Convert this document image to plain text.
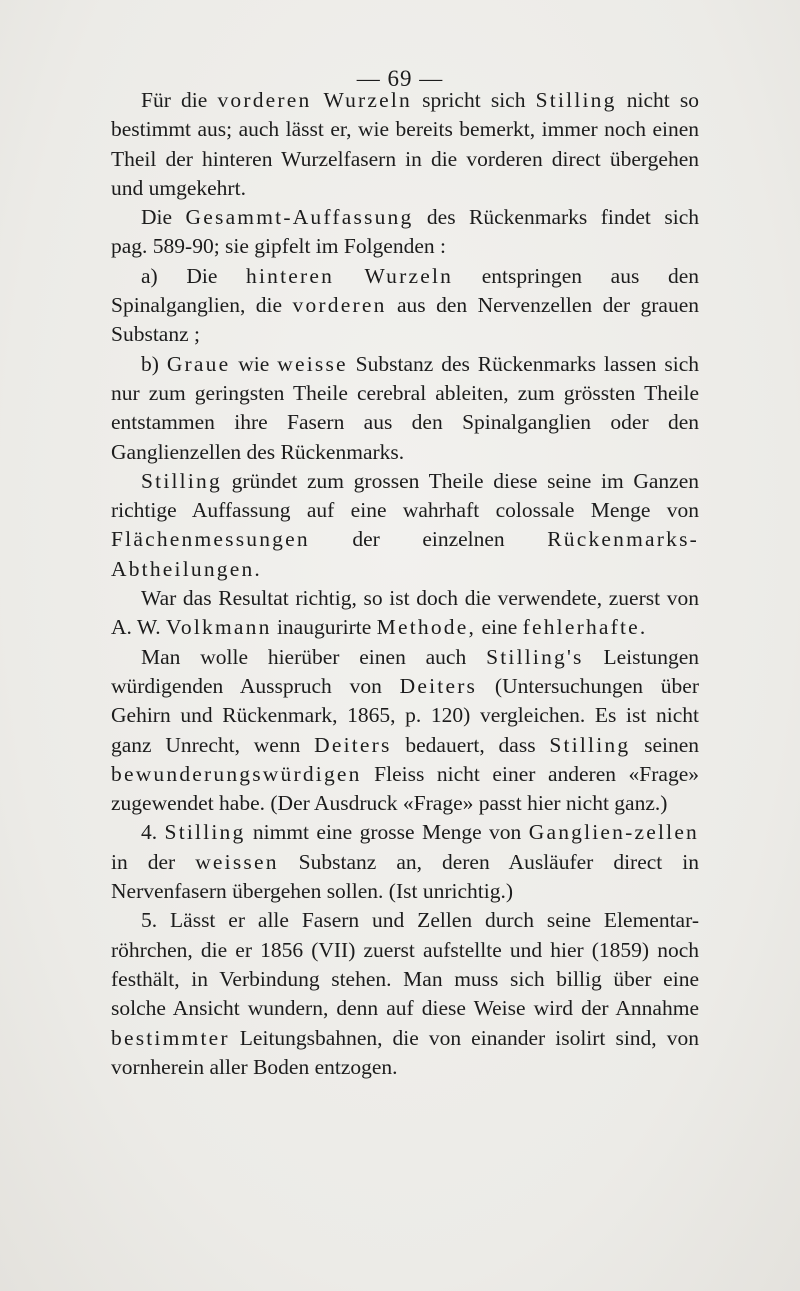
— 69 —

Für die vorderen Wurzeln spricht sich Stilling nicht so bestimmt aus; auch lässt er, wie bereits bemerkt, immer noch einen Theil der hinteren Wurzelfasern in die vorderen direct übergehen und umgekehrt.

Die Gesammt-Auffassung des Rückenmarks findet sich pag. 589-90; sie gipfelt im Folgenden :

a) Die hinteren Wurzeln entspringen aus den Spinalganglien, die vorderen aus den Nervenzellen der grauen Substanz ;

b) Graue wie weisse Substanz des Rückenmarks lassen sich nur zum geringsten Theile cerebral ableiten, zum grössten Theile entstammen ihre Fasern aus den Spinalganglien oder den Ganglienzellen des Rückenmarks.

Stilling gründet zum grossen Theile diese seine im Ganzen richtige Auffassung auf eine wahrhaft colossale Menge von Flächenmessungen der einzelnen Rückenmarks-Abtheilungen.

War das Resultat richtig, so ist doch die verwendete, zuerst von A. W. Volkmann inaugurirte Methode, eine fehlerhafte.

Man wolle hierüber einen auch Stilling's Leistungen würdigenden Ausspruch von Deiters (Untersuchungen über Gehirn und Rückenmark, 1865, p. 120) vergleichen. Es ist nicht ganz Unrecht, wenn Deiters bedauert, dass Stilling seinen bewunderungswürdigen Fleiss nicht einer anderen «Frage» zugewendet habe. (Der Ausdruck «Frage» passt hier nicht ganz.)

4. Stilling nimmt eine grosse Menge von Ganglien-zellen in der weissen Substanz an, deren Ausläufer direct in Nervenfasern übergehen sollen. (Ist unrichtig.)

5. Lässt er alle Fasern und Zellen durch seine Elementar-röhrchen, die er 1856 (VII) zuerst aufstellte und hier (1859) noch festhält, in Verbindung stehen. Man muss sich billig über eine solche Ansicht wundern, denn auf diese Weise wird der Annahme bestimmter Leitungsbahnen, die von einander isolirt sind, von vornherein aller Boden entzogen.
